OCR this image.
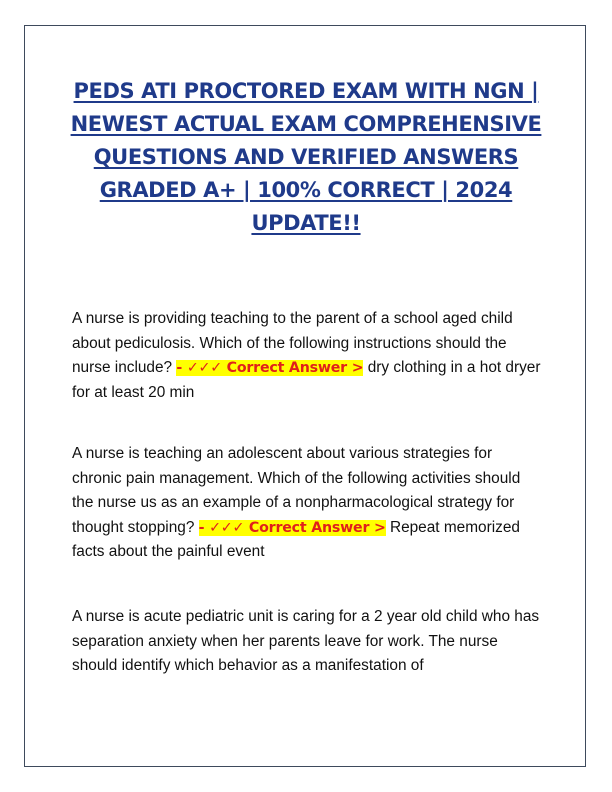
PEDS ATI PROCTORED EXAM WITH NGN | NEWEST ACTUAL EXAM COMPREHENSIVE QUESTIONS AND VERIFIED ANSWERS GRADED A+ | 100% CORRECT | 2024 UPDATE!!

A nurse is providing teaching to the parent of a school aged child about pediculosis. Which of the following instructions should the nurse include? - ✓✓✓ Correct Answer > dry clothing in a hot dryer for at least 20 min

A nurse is teaching an adolescent about various strategies for chronic pain management. Which of the following activities should the nurse us as an example of a nonpharmacological strategy for thought stopping? - ✓✓✓ Correct Answer > Repeat memorized facts about the painful event

A nurse is acute pediatric unit is caring for a 2 year old child who has separation anxiety when her parents leave for work. The nurse should identify which behavior as a manifestation of
